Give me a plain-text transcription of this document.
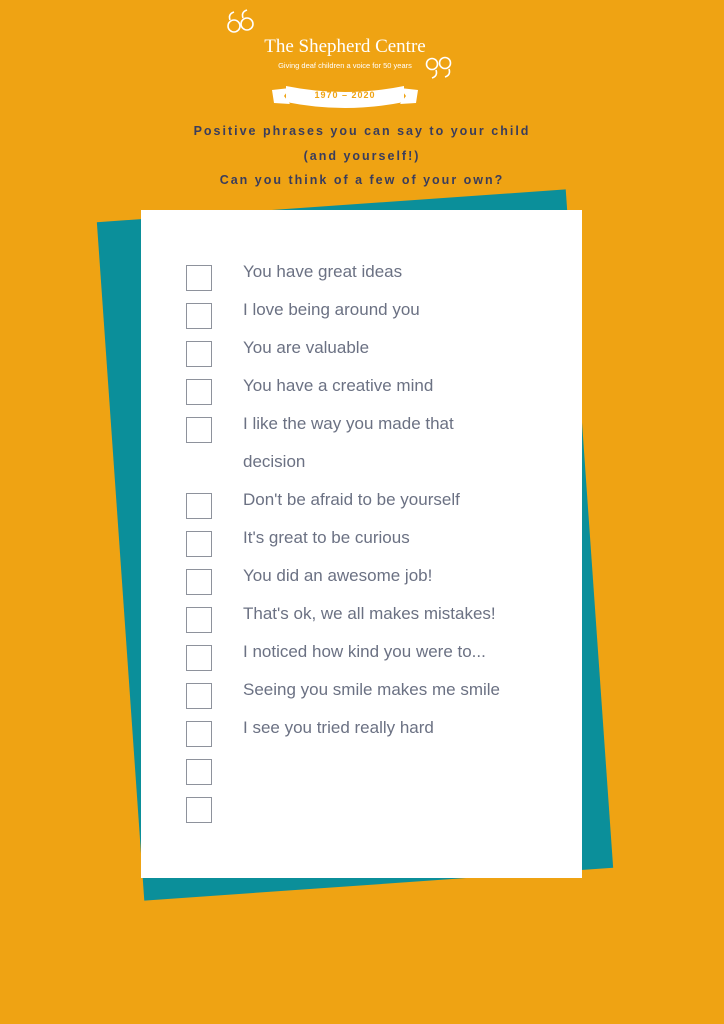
The Shepherd Centre
Giving deaf children a voice for 50 years
1970 – 2020
Positive phrases you can say to your child
(and yourself!)
Can you think of a few of your own?
You have great ideas
I love being around you
You are valuable
You have a creative mind
I like the way you made that
decision
Don't be afraid to be yourself
It's great to be curious
You did an awesome job!
That's ok, we all makes mistakes!
I noticed how kind you were to...
Seeing you smile makes me smile
I see you tried really hard
